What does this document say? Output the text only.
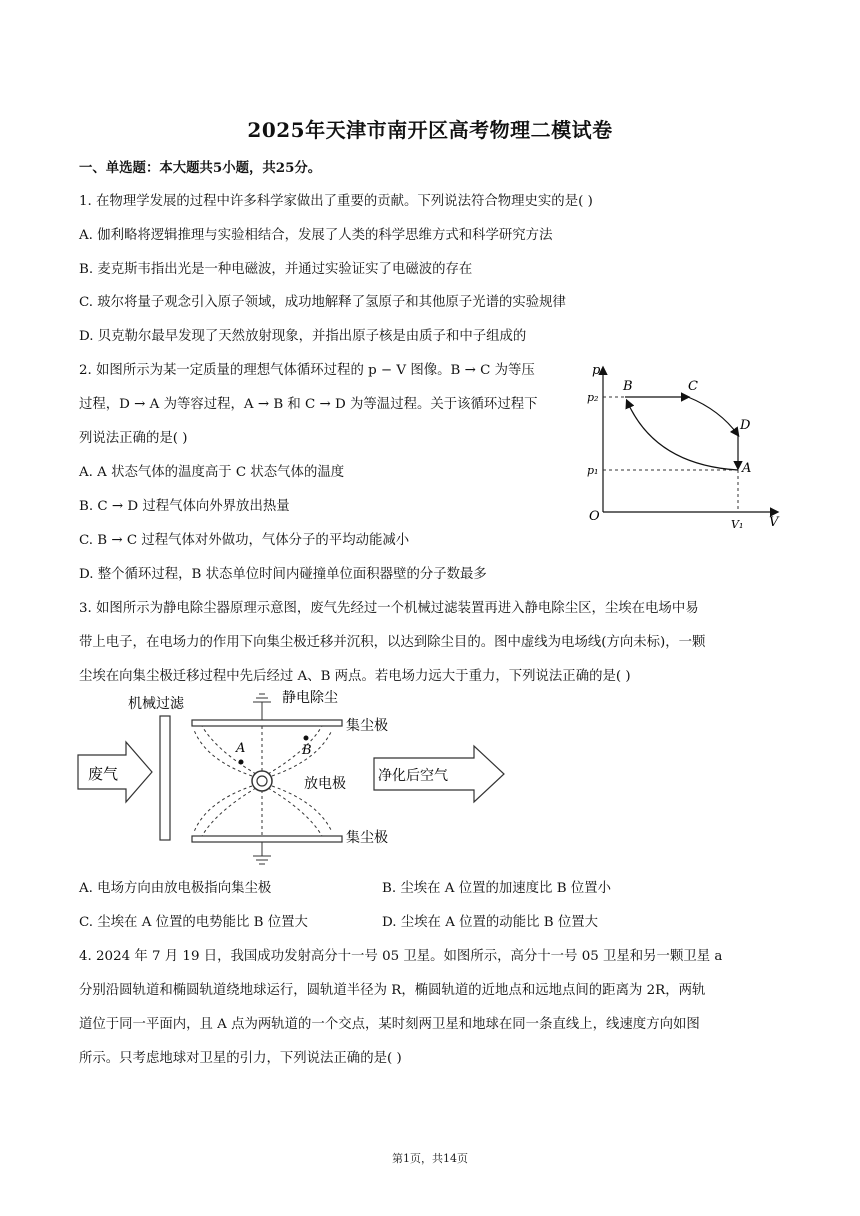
2025年天津市南开区高考物理二模试卷
一、单选题：本大题共5小题，共25分。
1. 在物理学发展的过程中许多科学家做出了重要的贡献。下列说法符合物理史实的是( )
A. 伽利略将逻辑推理与实验相结合，发展了人类的科学思维方式和科学研究方法
B. 麦克斯韦指出光是一种电磁波，并通过实验证实了电磁波的存在
C. 玻尔将量子观念引入原子领域，成功地解释了氢原子和其他原子光谱的实验规律
D. 贝克勒尔最早发现了天然放射现象，并指出原子核是由质子和中子组成的
2. 如图所示为某一定质量的理想气体循环过程的 p − V 图像。B → C 为等压
过程，D → A 为等容过程，A → B 和 C → D 为等温过程。关于该循环过程下
列说法正确的是( )
A. A 状态气体的温度高于 C 状态气体的温度
B. C → D 过程气体向外界放出热量
C. B → C 过程气体对外做功，气体分子的平均动能减小
D. 整个循环过程，B 状态单位时间内碰撞单位面积器壁的分子数最多
p
V
O
p₂
p₁
V₁
B	C
D
A
3. 如图所示为静电除尘器原理示意图，废气先经过一个机械过滤装置再进入静电除尘区，尘埃在电场中易
带上电子，在电场力的作用下向集尘极迁移并沉积，以达到除尘目的。图中虚线为电场线(方向未标)，一颗
尘埃在向集尘极迁移过程中先后经过 A、B 两点。若电场力远大于重力，下列说法正确的是( )
废气
机械过滤	静电除尘
集尘极
集尘极
放电极
A	B
净化后空气
A. 电场方向由放电极指向集尘极	B. 尘埃在 A 位置的加速度比 B 位置小
C. 尘埃在 A 位置的电势能比 B 位置大	D. 尘埃在 A 位置的动能比 B 位置大
4. 2024 年 7 月 19 日，我国成功发射高分十一号 05 卫星。如图所示，高分十一号 05 卫星和另一颗卫星 a
分别沿圆轨道和椭圆轨道绕地球运行，圆轨道半径为 R，椭圆轨道的近地点和远地点间的距离为 2R，两轨
道位于同一平面内，且 A 点为两轨道的一个交点，某时刻两卫星和地球在同一条直线上，线速度方向如图
所示。只考虑地球对卫星的引力，下列说法正确的是( )
第1页，共14页
